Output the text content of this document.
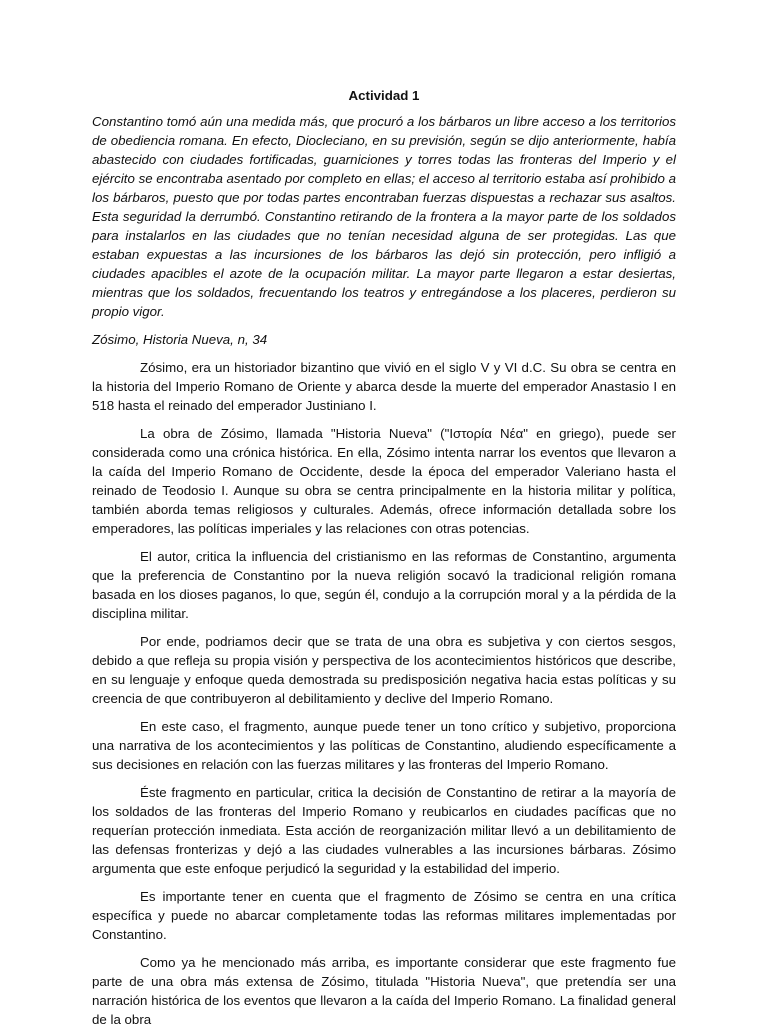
Actividad 1

Constantino tomó aún una medida más, que procuró a los bárbaros un libre acceso a los territorios de obediencia romana. En efecto, Diocleciano, en su previsión, según se dijo anteriormente, había abastecido con ciudades fortificadas, guarniciones y torres todas las fronteras del Imperio y el ejército se encontraba asentado por completo en ellas; el acceso al territorio estaba así prohibido a los bárbaros, puesto que por todas partes encontraban fuerzas dispuestas a rechazar sus asaltos. Esta seguridad la derrumbó. Constantino retirando de la frontera a la mayor parte de los soldados para instalarlos en las ciudades que no tenían necesidad alguna de ser protegidas. Las que estaban expuestas a las incursiones de los bárbaros las dejó sin protección, pero infligió a ciudades apacibles el azote de la ocupación militar. La mayor parte llegaron a estar desiertas, mientras que los soldados, frecuentando los teatros y entregándose a los placeres, perdieron su propio vigor.

Zósimo, Historia Nueva, n, 34

Zósimo, era un historiador bizantino que vivió en el siglo V y VI d.C. Su obra se centra en la historia del Imperio Romano de Oriente y abarca desde la muerte del emperador Anastasio I en 518 hasta el reinado del emperador Justiniano I.

La obra de Zósimo, llamada "Historia Nueva" ("Ιστορία Νέα" en griego), puede ser considerada como una crónica histórica. En ella, Zósimo intenta narrar los eventos que llevaron a la caída del Imperio Romano de Occidente, desde la época del emperador Valeriano hasta el reinado de Teodosio I. Aunque su obra se centra principalmente en la historia militar y política, también aborda temas religiosos y culturales. Además, ofrece información detallada sobre los emperadores, las políticas imperiales y las relaciones con otras potencias.

El autor, critica la influencia del cristianismo en las reformas de Constantino, argumenta que la preferencia de Constantino por la nueva religión socavó la tradicional religión romana basada en los dioses paganos, lo que, según él, condujo a la corrupción moral y a la pérdida de la disciplina militar.

Por ende, podriamos decir que se trata de una obra es subjetiva y con ciertos sesgos, debido a que refleja su propia visión y perspectiva de los acontecimientos históricos que describe, en su lenguaje y enfoque queda demostrada su predisposición negativa hacia estas políticas y su creencia de que contribuyeron al debilitamiento y declive del Imperio Romano.

En este caso, el fragmento, aunque puede tener un tono crítico y subjetivo, proporciona una narrativa de los acontecimientos y las políticas de Constantino, aludiendo específicamente a sus decisiones en relación con las fuerzas militares y las fronteras del Imperio Romano.

Éste fragmento en particular, critica la decisión de Constantino de retirar a la mayoría de los soldados de las fronteras del Imperio Romano y reubicarlos en ciudades pacíficas que no requerían protección inmediata. Esta acción de reorganización militar llevó a un debilitamiento de las defensas fronterizas y dejó a las ciudades vulnerables a las incursiones bárbaras. Zósimo argumenta que este enfoque perjudicó la seguridad y la estabilidad del imperio.

Es importante tener en cuenta que el fragmento de Zósimo se centra en una crítica específica y puede no abarcar completamente todas las reformas militares implementadas por Constantino.

Como ya he mencionado más arriba, es importante considerar que este fragmento fue parte de una obra más extensa de Zósimo, titulada "Historia Nueva", que pretendía ser una narración histórica de los eventos que llevaron a la caída del Imperio Romano. La finalidad general de la obra
